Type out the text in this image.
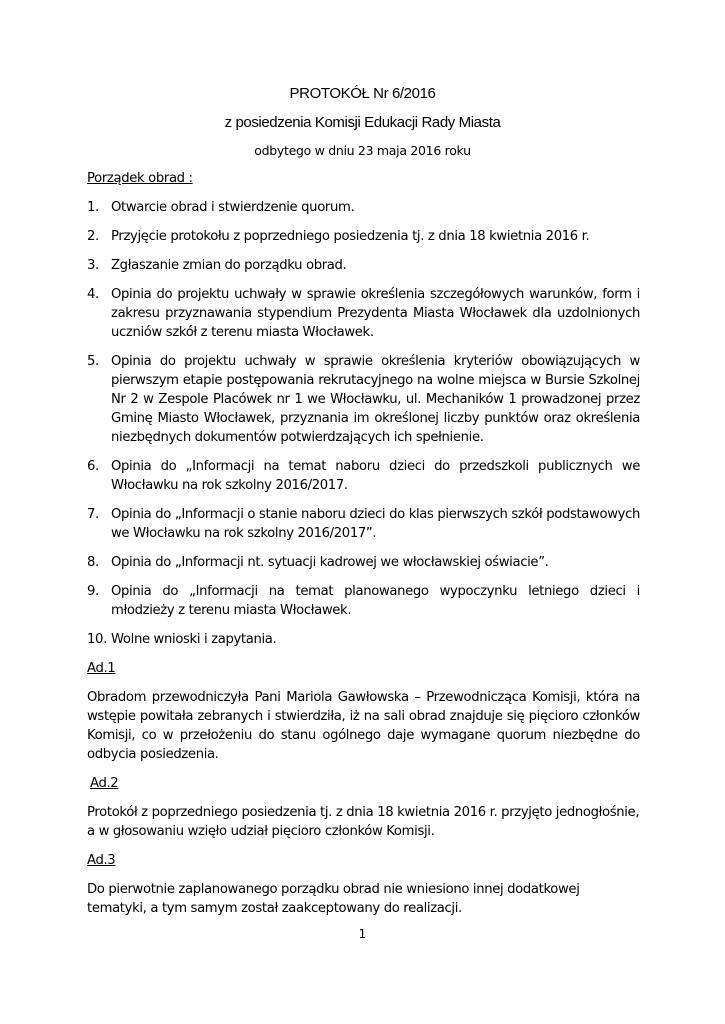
PROTOKÓŁ Nr 6/2016
z posiedzenia Komisji Edukacji Rady Miasta
odbytego w dniu 23 maja 2016 roku
Porządek obrad :
1. Otwarcie obrad i stwierdzenie quorum.
2. Przyjęcie protokołu z poprzedniego posiedzenia tj. z dnia 18 kwietnia 2016 r.
3. Zgłaszanie zmian do porządku obrad.
4. Opinia do projektu uchwały w sprawie określenia szczegółowych warunków, form i zakresu przyznawania stypendium Prezydenta Miasta Włocławek dla uzdolnionych uczniów szkół z terenu miasta Włocławek.
5. Opinia do projektu uchwały w sprawie określenia kryteriów obowiązujących w pierwszym etapie postępowania rekrutacyjnego na wolne miejsca w Bursie Szkolnej Nr 2 w Zespole Placówek nr 1 we Włocławku, ul. Mechaników 1 prowadzonej przez Gminę Miasto Włocławek, przyznania im określonej liczby punktów oraz określenia niezbędnych dokumentów potwierdzających ich spełnienie.
6. Opinia do „Informacji na temat naboru dzieci do przedszkoli publicznych we Włocławku na rok szkolny 2016/2017.
7. Opinia do „Informacji o stanie naboru dzieci do klas pierwszych szkół podstawowych we Włocławku na rok szkolny 2016/2017”.
8. Opinia do „Informacji nt. sytuacji kadrowej we włocławskiej oświacie”.
9. Opinia do „Informacji na temat planowanego wypoczynku letniego dzieci i młodzieży z terenu miasta Włocławek.
10. Wolne wnioski i zapytania.
Ad.1
Obradom przewodniczyła Pani Mariola Gawłowska – Przewodnicząca Komisji, która na wstępie powitała zebranych i stwierdziła, iż na sali obrad znajduje się pięcioro członków Komisji, co w przełożeniu do stanu ogólnego daje wymagane quorum niezbędne do odbycia posiedzenia.
Ad.2
Protokół z poprzedniego posiedzenia tj. z dnia 18 kwietnia 2016 r. przyjęto jednogłośnie, a w głosowaniu wzięło udział pięcioro członków Komisji.
Ad.3
Do pierwotnie zaplanowanego porządku obrad nie wniesiono innej dodatkowej tematyki, a tym samym został zaakceptowany do realizacji.
1
